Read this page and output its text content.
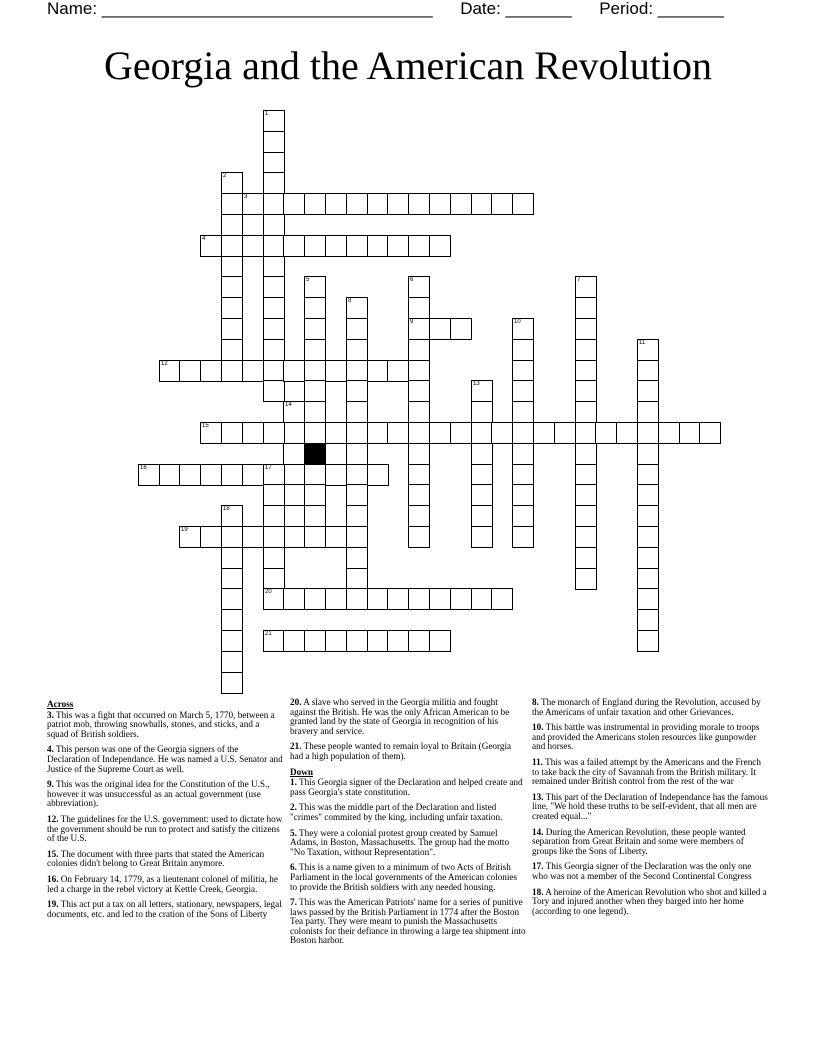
Name: ___________________________________ Date: _______ Period: _______
Georgia and the American Revolution
1
2
3
4
5	6
9
7
8
10
11
12
13
14
15
16	17
18
19
20
21
Across
3. This was a fight that occurred on March 5, 1770, between a patriot mob, throwing snowballs, stones, and sticks, and a squad of British soldiers.
4. This person was one of the Georgia signers of the Declaration of Independance. He was named a U.S. Senator and Justice of the Supreme Court as well.
9. This was the original idea for the Constitution of the U.S., however it was unsuccessful as an actual government (use abbreviation).
12. The guidelines for the U.S. government: used to dictate how the government should be run to protect and satisfy the citizens of the U.S.
15. The document with three parts that stated the American colonies didn't belong to Great Britain anymore.
16. On February 14, 1779, as a lieutenant colonel of militia, he led a charge in the rebel victory at Kettle Creek, Georgia.
19. This act put a tax on all letters, stationary, newspapers, legal documents, etc. and led to the cration of the Sons of Liberty
20. A slave who served in the Georgia militia and fought against the British. He was the only African American to be granted land by the state of Georgia in recognition of his bravery and service.
21. These people wanted to remain loyal to Britain (Georgia had a high population of them).
Down
1. This Georgia signer of the Declaration and helped create and pass Georgia's state constitution.
2. This was the middle part of the Declaration and listed "crimes" commited by the king, including unfair taxation.
5. They were a colonial protest group created by Samuel Adams, in Boston, Massachusetts. The group had the motto "No Taxation, without Representation".
6. This is a name given to a minimum of two Acts of British Parliament in the local governments of the American colonies to provide the British soldiers with any needed housing.
7. This was the American Patriots' name for a series of punitive laws passed by the British Parliament in 1774 after the Boston Tea party. They were meant to punish the Massachusetts colonists for their defiance in throwing a large tea shipment into Boston harbor.
8. The monarch of England during the Revolution, accused by the Americans of unfair taxation and other Grievances.
10. This battle was instrumental in providing morale to troops and provided the Americans stolen resources like gunpowder and horses.
11. This was a failed attempt by the Americans and the French to take back the city of Savannah from the British military. It remained under British control from the rest of the war
13. This part of the Declaration of Independance has the famous line, "We hold these truths to be self-evident, that all men are created equal..."
14. During the American Revolution, these people wanted separation from Great Britain and some were members of groups like the Sons of Liberty.
17. This Georgia signer of the Declaration was the only one who was not a member of the Second Continental Congress
18. A heroine of the American Revolution who shot and killed a Tory and injured another when they barged into her home (according to one legend).
